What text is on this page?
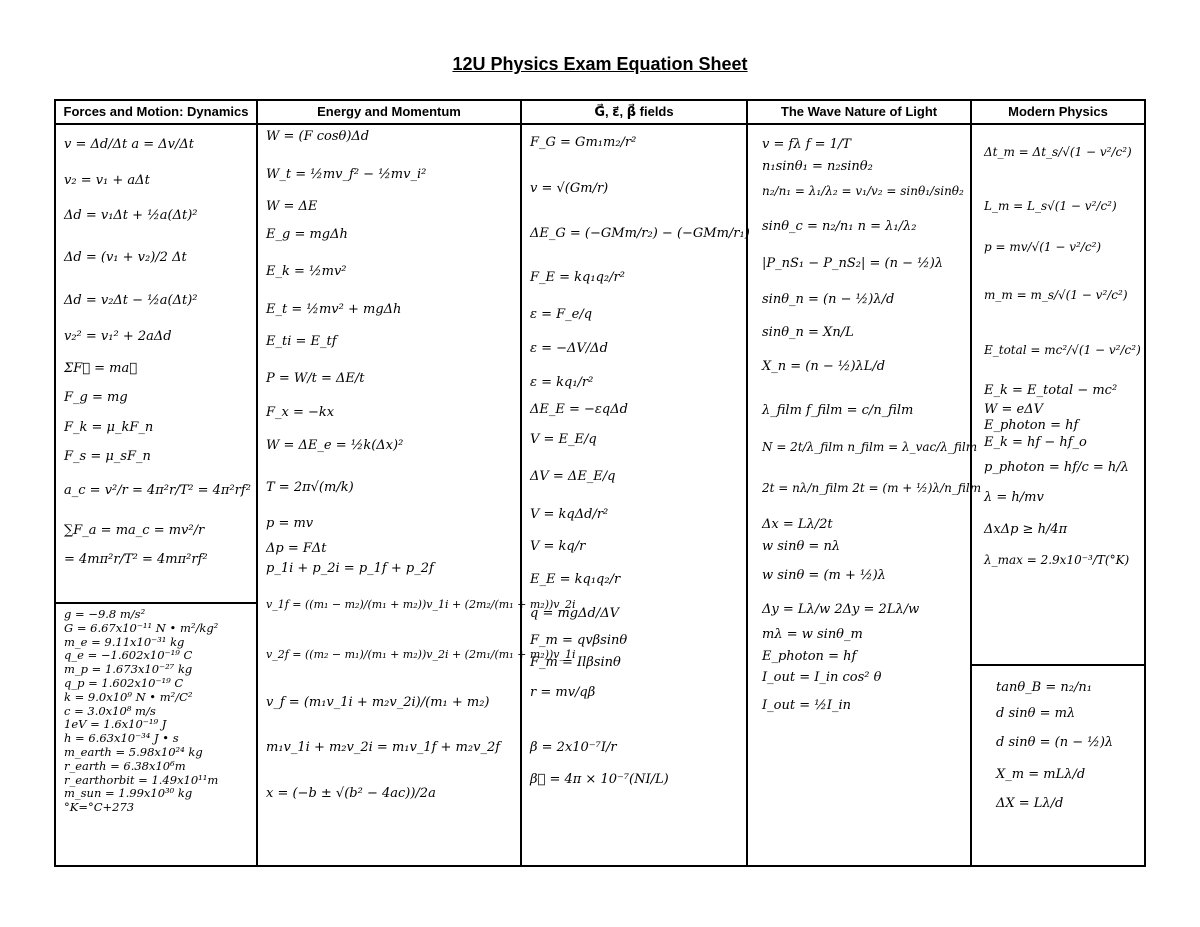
12U Physics Exam Equation Sheet
Forces and Motion: Dynamics
v = Δd/Δt a = Δv/Δt
v₂ = v₁ + aΔt
Δd = v₁Δt + ½a(Δt)²
Δd = (v₁ + v₂)/2 Δt
Δd = v₂Δt − ½a(Δt)²
v₂² = v₁² + 2aΔd
ΣF⃗ = ma⃗
F_g = mg
F_k = μ_kF_n
F_s = μ_sF_n
a_c = v²/r = 4π²r/T² = 4π²rf²
∑F_a = ma_c = mv²/r
= 4mπ²r/T² = 4mπ²rf²
g = −9.8 m/s²
G = 6.67x10⁻¹¹ N • m²/kg²
m_e = 9.11x10⁻³¹ kg
q_e = −1.602x10⁻¹⁹ C
m_p = 1.673x10⁻²⁷ kg
q_p = 1.602x10⁻¹⁹ C
k = 9.0x10⁹ N • m²/C²
c = 3.0x10⁸ m/s
1eV = 1.6x10⁻¹⁹ J
h = 6.63x10⁻³⁴ J • s
m_earth = 5.98x10²⁴ kg
r_earth = 6.38x10⁶m
r_earthorbit = 1.49x10¹¹m
m_sun = 1.99x10³⁰ kg
°K=°C+273
Energy and Momentum
W = (F cosθ)Δd
W_t = ½mv_f² − ½mv_i²
W = ΔE
E_g = mgΔh
E_k = ½mv²
E_t = ½mv² + mgΔh
E_ti = E_tf
P = W/t = ΔE/t
F_x = −kx
W = ΔE_e = ½k(Δx)²
T = 2π√(m/k)
p = mv
Δp = FΔt
p_1i + p_2i = p_1f + p_2f
v_1f = ((m₁ − m₂)/(m₁ + m₂))v_1i + (2m₂/(m₁ + m₂))v_2i
v_2f = ((m₂ − m₁)/(m₁ + m₂))v_2i + (2m₁/(m₁ + m₂))v_1i
v_f = (m₁v_1i + m₂v_2i)/(m₁ + m₂)
m₁v_1i + m₂v_2i = m₁v_1f + m₂v_2f
x = (−b ± √(b² − 4ac))/2a
G⃗, ε⃗, β⃗ fields
F_G = Gm₁m₂/r²
v = √(Gm/r)
ΔE_G = (−GMm/r₂) − (−GMm/r₁)
F_E = kq₁q₂/r²
ε = F_e/q
ε = −ΔV/Δd
ε = kq₁/r²
ΔE_E = −εqΔd
V = E_E/q
ΔV = ΔE_E/q
V = kqΔd/r²
V = kq/r
E_E = kq₁q₂/r
q = mgΔd/ΔV
F_m = qvβsinθ
F_m = Ilβsinθ
r = mv/qβ
β = 2x10⁻⁷I/r
β⃗ = 4π × 10⁻⁷(NI/L)
The Wave Nature of Light
v = fλ f = 1/T
n₁sinθ₁ = n₂sinθ₂
n₂/n₁ = λ₁/λ₂ = v₁/v₂ = sinθ₁/sinθ₂
sinθ_c = n₂/n₁ n = λ₁/λ₂
|P_nS₁ − P_nS₂| = (n − ½)λ
sinθ_n = (n − ½)λ/d
sinθ_n = Xn/L
X_n = (n − ½)λL/d
λ_film f_film = c/n_film
N = 2t/λ_film n_film = λ_vac/λ_film
2t = nλ/n_film 2t = (m + ½)λ/n_film
Δx = Lλ/2t
w sinθ = nλ
w sinθ = (m + ½)λ
Δy = Lλ/w 2Δy = 2Lλ/w
mλ = w sinθ_m
E_photon = hf
I_out = I_in cos² θ
I_out = ½I_in
Modern Physics
Δt_m = Δt_s/√(1 − v²/c²)
L_m = L_s√(1 − v²/c²)
p = mv/√(1 − v²/c²)
m_m = m_s/√(1 − v²/c²)
E_total = mc²/√(1 − v²/c²)
E_k = E_total − mc²
W = eΔV
E_photon = hf
E_k = hf − hf_o
p_photon = hf/c = h/λ
λ = h/mv
ΔxΔp ≥ h/4π
λ_max = 2.9x10⁻³/T(°K)
tanθ_B = n₂/n₁
d sinθ = mλ
d sinθ = (n − ½)λ
X_m = mLλ/d
ΔX = Lλ/d
